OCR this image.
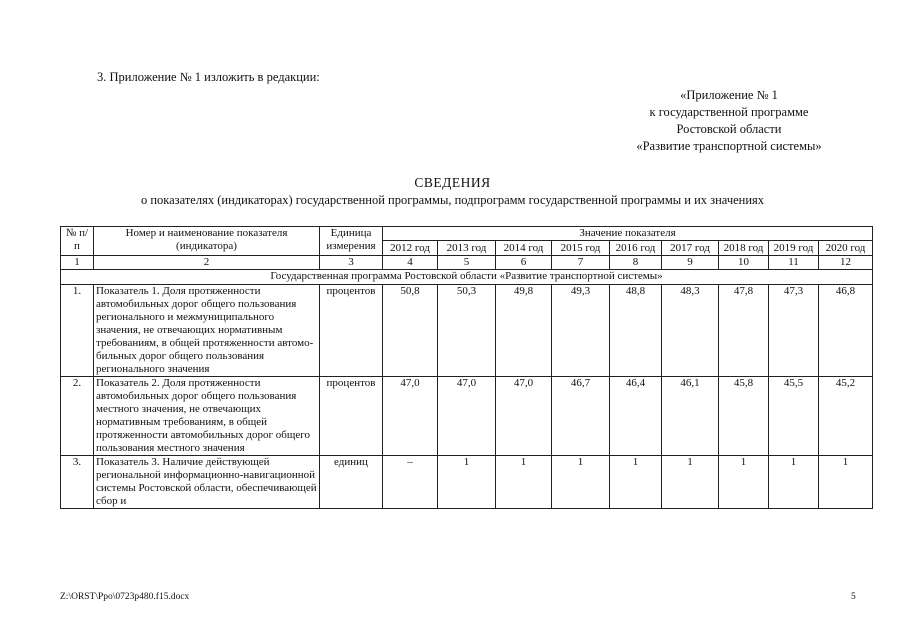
3. Приложение № 1 изложить в редакции:
«Приложение № 1
к государственной программе
Ростовской области
«Развитие транспортной системы»
СВЕДЕНИЯ
о показателях (индикаторах) государственной программы, подпрограмм государственной программы и их значениях
№ п/п	Номер и наименование показателя (индикатора)	Единица измерения	Значение показателя								
			2012 год	2013 год	2014 год	2015 год	2016 год	2017 год	2018 год	2019 год	2020 год
1	2	3	4	5	6	7	8	9	10	11	12
Государственная программа Ростовской области «Развитие транспортной системы»											
1.	Показатель 1. Доля протяженности автомобильных дорог общего пользования регионального и межмуниципального значения, не отвечающих нормативным требованиям, в общей протяженности автомобильных дорог общего пользования регионального значения	процентов	50,8	50,3	49,8	49,3	48,8	48,3	47,8	47,3	46,8
2.	Показатель 2. Доля протяженности автомобильных дорог общего пользования местного значения, не отвечающих нормативным требованиям, в общей протяженности автомобильных дорог общего пользования местного значения	процентов	47,0	47,0	47,0	46,7	46,4	46,1	45,8	45,5	45,2
3.	Показатель 3. Наличие действующей региональной информационно-навигационной системы Ростовской области, обеспечивающей сбор и	единиц	–	1	1	1	1	1	1	1	1
Z:\ORST\Ppo\0723p480.f15.docx	5
